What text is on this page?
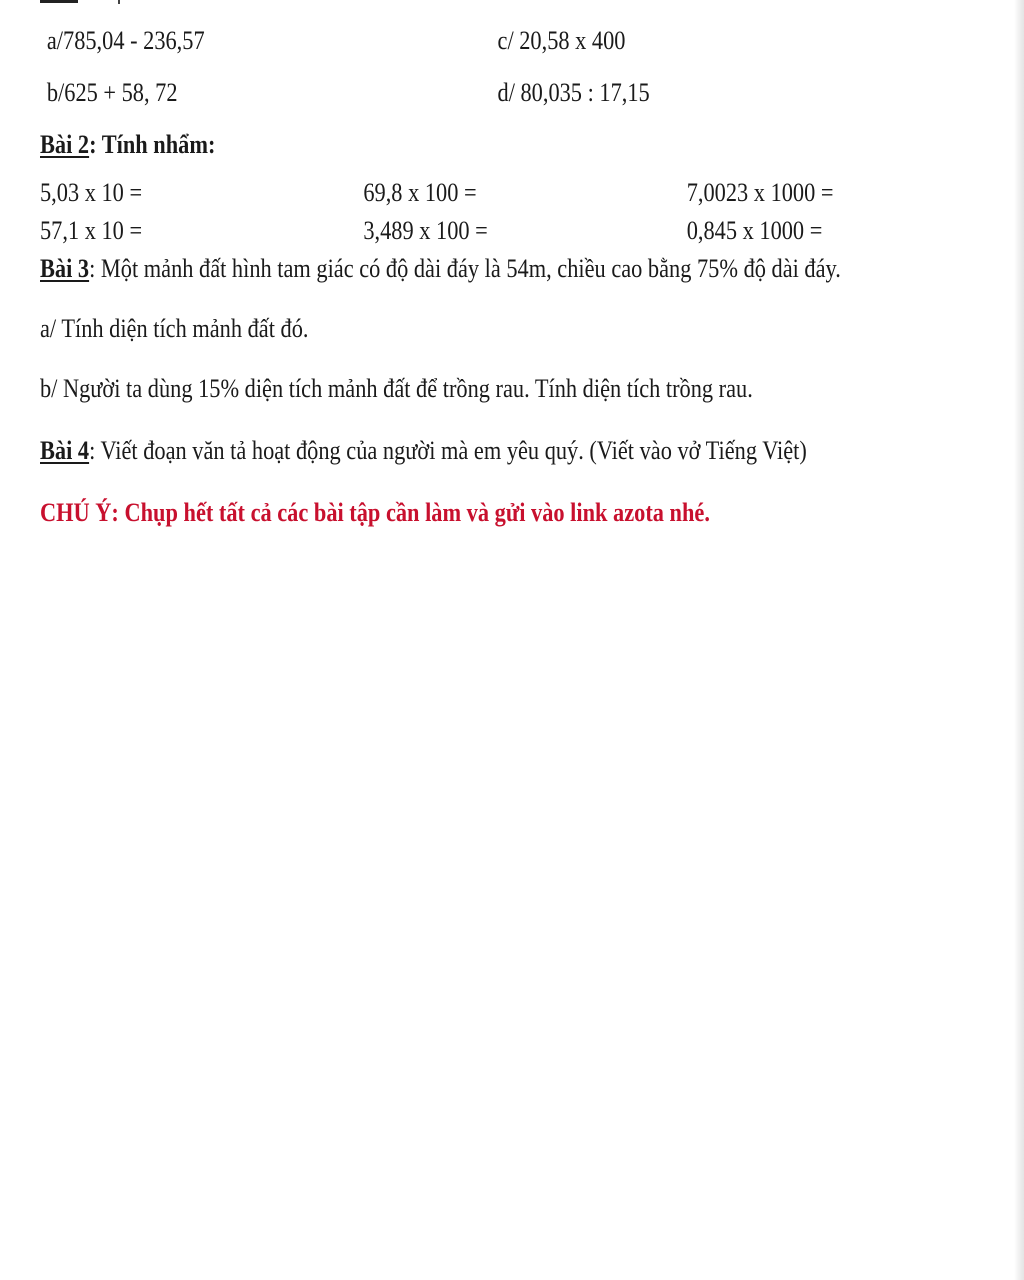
a/785,04 - 236,57	c/ 20,58 x 400
b/625 + 58, 72	d/ 80,035 : 17,15
Bài 2: Tính nhẩm:
5,03 x 10 =	69,8 x 100 =	7,0023 x 1000 =
57,1 x 10 =	3,489 x 100 =	0,845 x 1000 =
Bài 3: Một mảnh đất hình tam giác có độ dài đáy là 54m, chiều cao bằng 75% độ dài đáy.
a/ Tính diện tích mảnh đất đó.
b/ Người ta dùng 15% diện tích mảnh đất để trồng rau. Tính diện tích trồng rau.
Bài 4: Viết đoạn văn tả hoạt động của người mà em yêu quý. (Viết vào vở Tiếng Việt)
CHÚ Ý: Chụp hết tất cả các bài tập cần làm và gửi vào link azota nhé.
